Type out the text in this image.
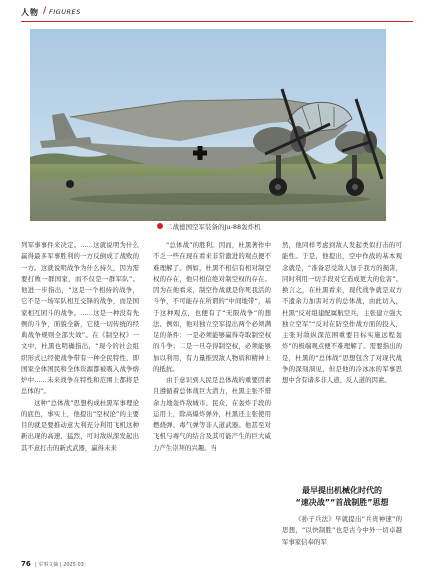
人物 / FIGURES
二战德国空军装备的Ju-88轰炸机

列军事事件来决定。……这就说明为什么赢得最多军事胜利的一方反倒成了战败的一方。这就说明战争为什么持久，因为需要打败一群国家，而不仅是一群军队”。他进一步指出，“这是一个相持的战争，它不是一场军队相互交锋的战争，而是国家相互困斗的战争。……这是一种没有先例的斗争，面貌全新，它使一切传统的经典战争规则全部失效”。在《制空权》一文中，杜黑也明确指出，“现今的社会组织形式已经使战争带有一种全民特性，即国家全体国民和全体资源都被吸入战争熔炉中……未来战争在特性和范围上都将是总体的”。

这种“总体战”思想构成杜黑军事理论的底色，事实上，他提出“空权论”的主要目的就是要推动意大利充分利用飞机这种新出现的高速、猛烈、可对敌纵深发起出其不意打击的新式武器，赢得未来

“总体战”的胜利。因而，杜黑著作中不乏一些在现在看来非常激进的观点便不难理解了。例如，杜黑不相信有相对制空权的存在，他只相信绝对制空权的存在。因为在他看来，制空作战就是你死我活的斗争，不可能存在所谓的“中间地带”，基于这种观点，也便有了“无限战争”的想法。例如，他对独立空军提出两个必须满足的条件：一是必须能够赢得夺取制空权的斗争；二是一旦夺得制空权，必须能够加以利用，有力量推毁敌人物质和精神上的抵抗。

由于意识到人民是总体战的重要因素且遵循着总体战巨大潜力，杜黑主张不惜余力地轰炸敌城市、民众，在轰炸手段的运用上，除高爆炸弹外，杜黑还主张使用燃烧弹、毒气弹等非人道武器。他甚至对飞机与毒气的结合及其可能产生的巨大威力产生崇拜的兴趣。当

然，他同样考虑到敌人发起类似打击的可能性。于是，他提出，空中作战的基本观念就是，“准备忍受敌人加于我方的损害，同时利用一切手段对它造成更大的危害”。换言之，在杜黑看来，现代战争就是双方不遗余力加害对方的总体战，由此切入，杜黑“反对组建配属航空兵，主张建立强大独立空军”“反对在防空作战方面的投入，主张对敌纵深范围重要目标实施远程轰炸”的极端观点便不难理解了。需要指出的是，杜黑的“总体战”思想包含了对现代战争的深刻洞见，但是他的冷冰冰的军事思想中含有诸多非人道、反人道的因素。

最早提出机械化时代的
“速决战”“首战制胜”思想

《孙子兵法》早就提出“兵贵神速”的思想，“以快制胜”也是古今中外一切卓越军事家信奉的军

76 | 军事文摘 | 2025.03
